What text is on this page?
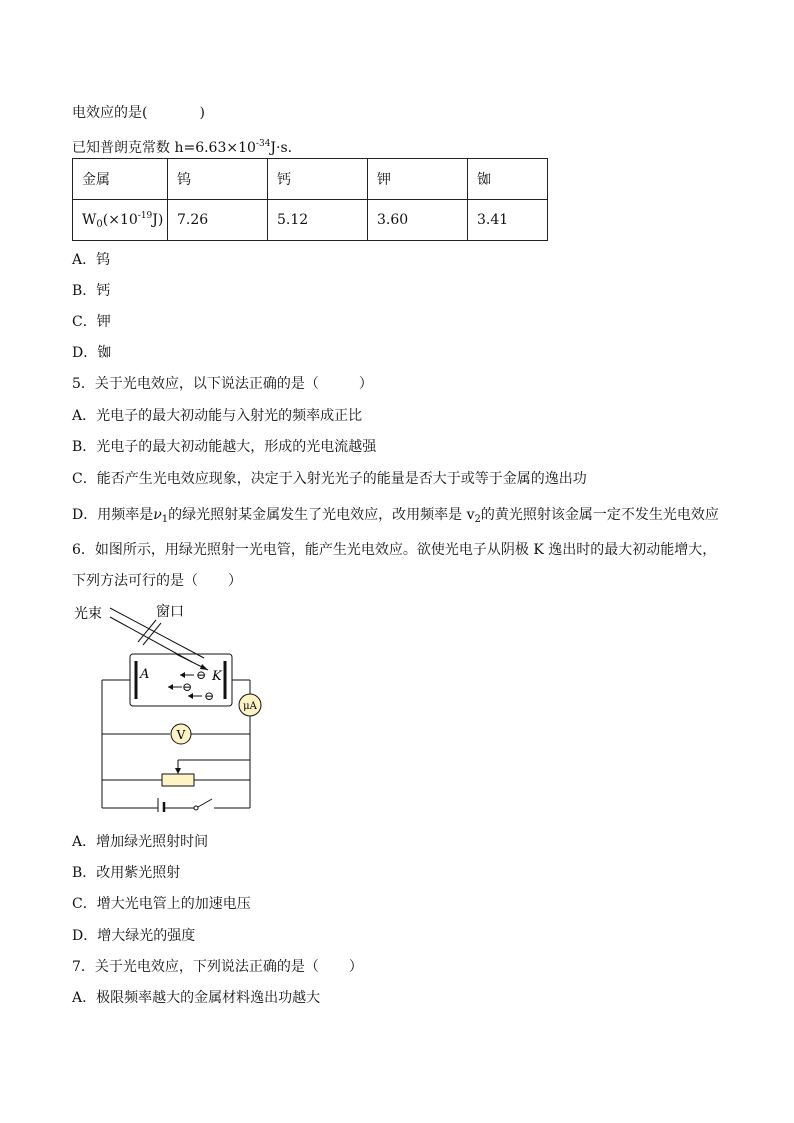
电效应的是(	)
已知普朗克常数 $h=6.63\times 10^{-34}J\cdot s$.
金属	钨	钙	钾	铷
$W_0(\times 10^{-19}J)$	7.26	5.12	3.60	3.41
A．钨
B．钙
C．钾
D．铷
5．关于光电效应，以下说法正确的是（	）
A．光电子的最大初动能与入射光的频率成正比
B．光电子的最大初动能越大，形成的光电流越强
C．能否产生光电效应现象，决定于入射光光子的能量是否大于或等于金属的逸出功
D．用频率是$\nu_1$的绿光照射某金属发生了光电效应，改用频率是 $v_2$的黄光照射该金属一定不发生光电效应
6．如图所示，用绿光照射一光电管，能产生光电效应。欲使光电子从阴极 K 逸出时的最大初动能增大，
下列方法可行的是（ ）
⊖
⊖
⊖
光束	窗口
A	K
μA
V
A．增加绿光照射时间
B．改用紫光照射
C．增大光电管上的加速电压
D．增大绿光的强度
7．关于光电效应，下列说法正确的是（ ）
A．极限频率越大的金属材料逸出功越大
